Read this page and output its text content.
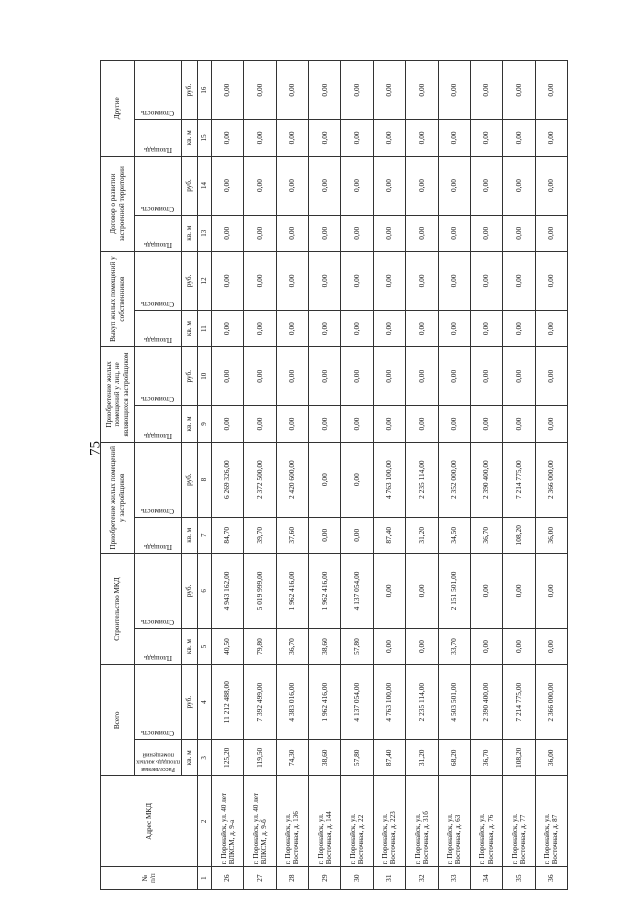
75
№
п/п	Адрес МКД	Всего		Строительство МКД		Приобретение жилых помещений у застройщиков		Приобретение жилых помещений у лиц, не являющихся застройщиком		Выкуп жилых помещений у собственников		Договор о развитии застроенной территории		Другие	

		Расселяемая площадь жилых помещений	Стоимость	Площадь	Стоимость	Площадь	Стоимость	Площадь	Стоимость	Площадь	Стоимость	Площадь	Стоимость	Площадь	Стоимость

		кв. м	руб.	кв. м	руб.	кв. м	руб.	кв. м	руб.	кв. м	руб.	кв. м	руб.	кв. м	руб.
1	2	3	4	5	6	7	8	9	10	11	12	13	14	15	16
26	г. Поронайск, ул. 40 лет ВЛКСМ, д. 9-а	125,20	11 212 488,00	40,50	4 943 162,00	84,70	6 269 326,00	0,00	0,00	0,00	0,00	0,00	0,00	0,00	0,00
27	г. Поронайск, ул. 40 лет ВЛКСМ, д. 9-б	119,50	7 392 499,00	79,80	5 019 999,00	39,70	2 372 500,00	0,00	0,00	0,00	0,00	0,00	0,00	0,00	0,00
28	г. Поронайск, ул. Восточная, д. 136	74,30	4 383 016,00	36,70	1 962 416,00	37,60	2 420 600,00	0,00	0,00	0,00	0,00	0,00	0,00	0,00	0,00
29	г. Поронайск, ул. Восточная, д. 144	38,60	1 962 416,00	38,60	1 962 416,00	0,00	0,00	0,00	0,00	0,00	0,00	0,00	0,00	0,00	0,00
30	г. Поронайск, ул. Восточная, д. 22	57,80	4 137 054,00	57,80	4 137 054,00	0,00	0,00	0,00	0,00	0,00	0,00	0,00	0,00	0,00	0,00
31	г. Поронайск, ул. Восточная, д. 223	87,40	4 763 100,00	0,00	0,00	87,40	4 763 100,00	0,00	0,00	0,00	0,00	0,00	0,00	0,00	0,00
32	г. Поронайск, ул. Восточная, д. 31б	31,20	2 235 114,00	0,00	0,00	31,20	2 235 114,00	0,00	0,00	0,00	0,00	0,00	0,00	0,00	0,00
33	г. Поронайск, ул. Восточная, д. 63	68,20	4 503 501,00	33,70	2 151 501,00	34,50	2 352 000,00	0,00	0,00	0,00	0,00	0,00	0,00	0,00	0,00
34	г. Поронайск, ул. Восточная, д. 76	36,70	2 390 400,00	0,00	0,00	36,70	2 390 400,00	0,00	0,00	0,00	0,00	0,00	0,00	0,00	0,00
35	г. Поронайск, ул. Восточная, д. 77	108,20	7 214 775,00	0,00	0,00	108,20	7 214 775,00	0,00	0,00	0,00	0,00	0,00	0,00	0,00	0,00
36	г. Поронайск, ул. Восточная, д. 87	36,00	2 366 000,00	0,00	0,00	36,00	2 366 000,00	0,00	0,00	0,00	0,00	0,00	0,00	0,00	0,00
